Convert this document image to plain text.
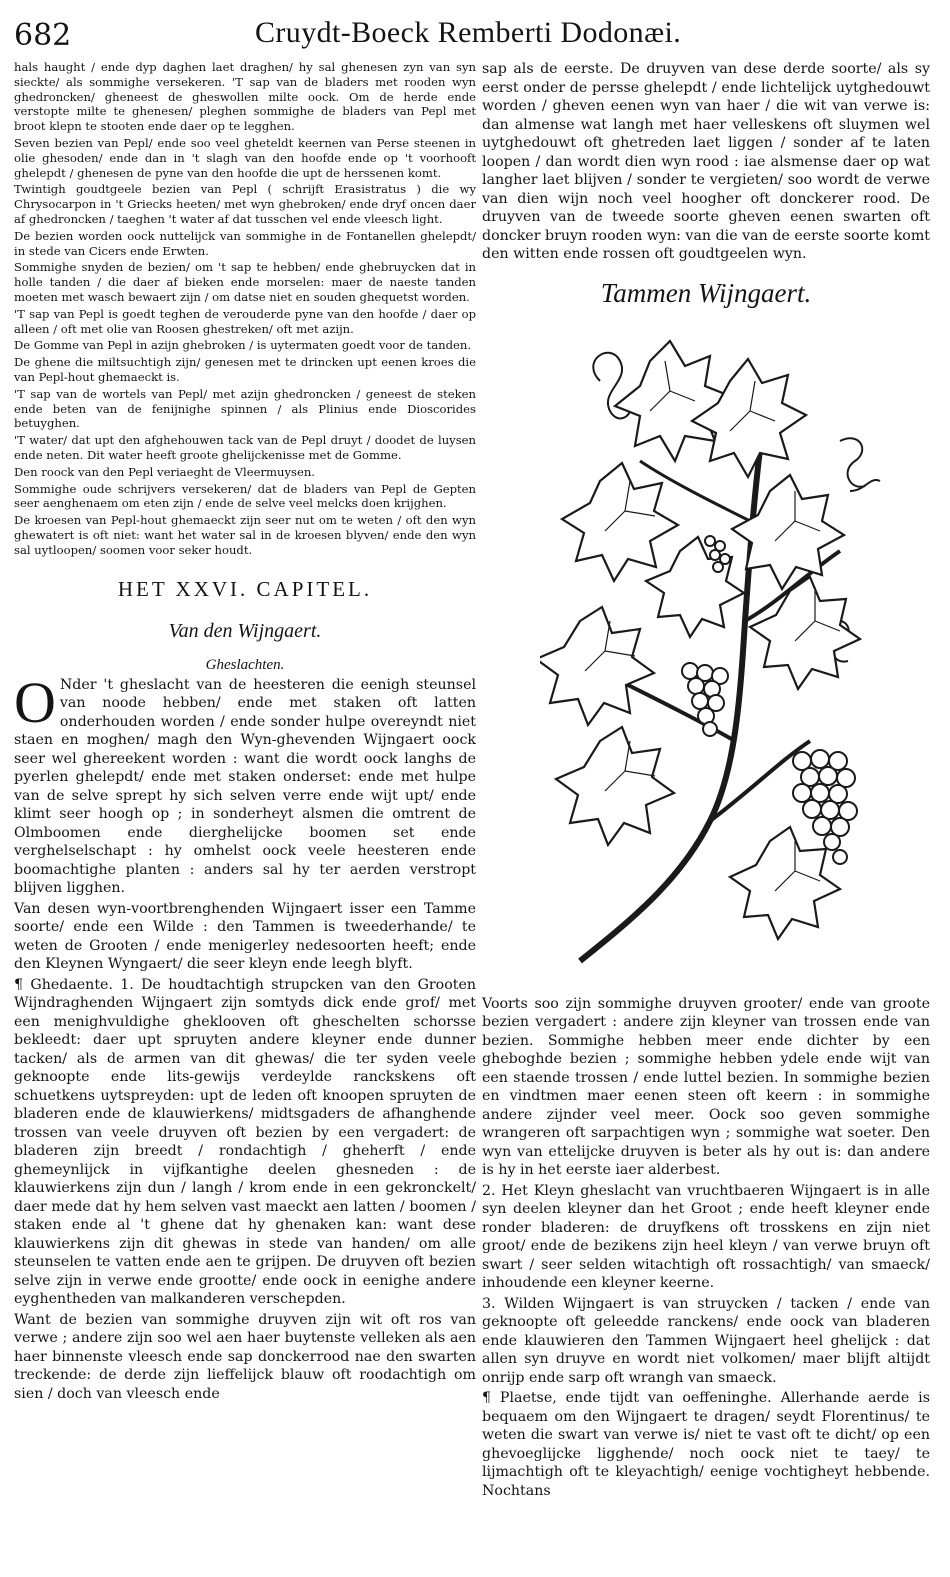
682	Cruydt-Boeck Remberti Dodonæi.

hals haught / ende dyp daghen laet draghen/ hy sal ghenesen zyn van syn sieckte/ als sommighe versekeren. 'T sap van de bladers met rooden wyn ghedroncken/ gheneest de gheswollen milte oock. Om de herde ende verstopte milte te ghenesen/ pleghen sommighe de bladers van Pepl met broot klepn te stooten ende daer op te legghen.

Seven bezien van Pepl/ ende soo veel gheteldt keernen van Perse steenen in olie ghesoden/ ende dan in 't slagh van den hoofde ende op 't voorhooft ghelepdt / ghenesen de pyne van den hoofde die upt de herssenen komt.

Twintigh goudtgeele bezien van Pepl ( schrijft Erasistratus ) die wy Chrysocarpon in 't Griecks heeten/ met wyn ghebroken/ ende dryf oncen daer af ghedroncken / taeghen 't water af dat tusschen vel ende vleesch light.

De bezien worden oock nuttelijck van sommighe in de Fontanellen ghelepdt/ in stede van Cicers ende Erwten.

Sommighe snyden de bezien/ om 't sap te hebben/ ende ghebruycken dat in holle tanden / die daer af bieken ende morselen: maer de naeste tanden moeten met wasch bewaert zijn / om datse niet en souden ghequetst worden.

'T sap van Pepl is goedt teghen de verouderde pyne van den hoofde / daer op alleen / oft met olie van Roosen ghestreken/ oft met azijn.

De Gomme van Pepl in azijn ghebroken / is uytermaten goedt voor de tanden.

De ghene die miltsuchtigh zijn/ genesen met te drincken upt eenen kroes die van Pepl-hout ghemaeckt is.

'T sap van de wortels van Pepl/ met azijn ghedroncken / geneest de steken ende beten van de fenijnighe spinnen / als Plinius ende Dioscorides betuyghen.

'T water/ dat upt den afghehouwen tack van de Pepl druyt / doodet de luysen ende neten. Dit water heeft groote ghelijckenisse met de Gomme.

Den roock van den Pepl veriaeght de Vleermuysen.

Sommighe oude schrijvers versekeren/ dat de bladers van Pepl de Gepten seer aenghenaem om eten zijn / ende de selve veel melcks doen krijghen.

De kroesen van Pepl-hout ghemaeckt zijn seer nut om te weten / oft den wyn ghewatert is oft niet: want het water sal in de kroesen blyven/ ende den wyn sal uytloopen/ soomen voor seker houdt.

HET XXVI. CAPITEL.
Van den Wijngaert.
Gheslachten.

O Nder 't gheslacht van de heesteren die eenigh steunsel van noode hebben/ ende met staken oft latten onderhouden worden / ende sonder hulpe overeyndt niet staen en moghen/ magh den Wyn-ghevenden Wijngaert oock seer wel ghereekent worden : want die wordt oock langhs de pyerlen ghelepdt/ ende met staken onderset: ende met hulpe van de selve sprept hy sich selven verre ende wijt upt/ ende klimt seer hoogh op ; in sonderheyt alsmen die omtrent de Olmboomen ende dierghelijcke boomen set ende verghelselschapt : hy omhelst oock veele heesteren ende boomachtighe planten : anders sal hy ter aerden verstropt blijven ligghen.

Van desen wyn-voortbrenghenden Wijngaert isser een Tamme soorte/ ende een Wilde : den Tammen is tweederhande/ te weten de Grooten / ende menigerley nedesoorten heeft; ende den Kleynen Wyngaert/ die seer kleyn ende leegh blyft.

¶ Ghedaente. 1. De houdtachtigh strupcken van den Grooten Wijndraghenden Wijngaert zijn somtyds dick ende grof/ met een menighvuldighe gheklooven oft gheschelten schorsse bekleedt: daer upt spruyten andere kleyner ende dunner tacken/ als de armen van dit ghewas/ die ter syden veele geknoopte ende lits-gewijs verdeylde ranckskens oft schuetkens uytspreyden: upt de leden oft knoopen spruyten de bladeren ende de klauwierkens/ midtsgaders de afhanghende trossen van veele druyven oft bezien by een vergadert: de bladeren zijn breedt / rondachtigh / gheherft / ende ghemeynlijck in vijfkantighe deelen ghesneden : de klauwierkens zijn dun / langh / krom ende in een gekronckelt/ daer mede dat hy hem selven vast maeckt aen latten / boomen / staken ende al 't ghene dat hy ghenaken kan: want dese klauwierkens zijn dit ghewas in stede van handen/ om alle steunselen te vatten ende aen te grijpen. De druyven oft bezien selve zijn in verwe ende grootte/ ende oock in eenighe andere eyghentheden van malkanderen verschepden.

Want de bezien van sommighe druyven zijn wit oft ros van verwe ; andere zijn soo wel aen haer buytenste velleken als aen haer binnenste vleesch ende sap donckerrood nae den swarten treckende: de derde zijn lieffelijck blauw oft roodachtigh om sien / doch van vleesch ende

sap als de eerste. De druyven van dese derde soorte/ als sy eerst onder de persse ghelepdt / ende lichtelijck uytghedouwt worden / gheven eenen wyn van haer / die wit van verwe is: dan almense wat langh met haer velleskens oft sluymen wel uytghedouwt oft ghetreden laet liggen / sonder af te laten loopen / dan wordt dien wyn rood : iae alsmense daer op wat langher laet blijven / sonder te vergieten/ soo wordt de verwe van dien wijn noch veel hoogher oft donckerer rood. De druyven van de tweede soorte gheven eenen swarten oft doncker bruyn rooden wyn: van die van de eerste soorte komt den witten ende rossen oft goudtgeelen wyn.

Tammen Wijngaert.

Voorts soo zijn sommighe druyven grooter/ ende van groote bezien vergadert : andere zijn kleyner van trossen ende van bezien. Sommighe hebben meer ende dichter by een gheboghde bezien ; sommighe hebben ydele ende wijt van een staende trossen / ende luttel bezien. In sommighe bezien en vindtmen maer eenen steen oft keern : in sommighe andere zijnder veel meer. Oock soo geven sommighe wrangeren oft sarpachtigen wyn ; sommighe wat soeter. Den wyn van ettelijcke druyven is beter als hy out is: dan andere is hy in het eerste iaer alderbest.

2. Het Kleyn gheslacht van vruchtbaeren Wijngaert is in alle syn deelen kleyner dan het Groot ; ende heeft kleyner ende ronder bladeren: de druyfkens oft trosskens en zijn niet groot/ ende de bezikens zijn heel kleyn / van verwe bruyn oft swart / seer selden witachtigh oft rossachtigh/ van smaeck/ inhoudende een kleyner keerne.

3. Wilden Wijngaert is van struycken / tacken / ende van geknoopte oft geleedde ranckens/ ende oock van bladeren ende klauwieren den Tammen Wijngaert heel ghelijck : dat allen syn druyve en wordt niet volkomen/ maer blijft altijdt onrijp ende sarp oft wrangh van smaeck.

¶ Plaetse, ende tijdt van oeffeninghe. Allerhande aerde is bequaem om den Wijngaert te dragen/ seydt Florentinus/ te weten die swart van verwe is/ niet te vast oft te dicht/ op een ghevoeglijcke ligghende/ noch oock niet te taey/ te lijmachtigh oft te kleyachtigh/ eenige vochtigheyt hebbende. Nochtans
